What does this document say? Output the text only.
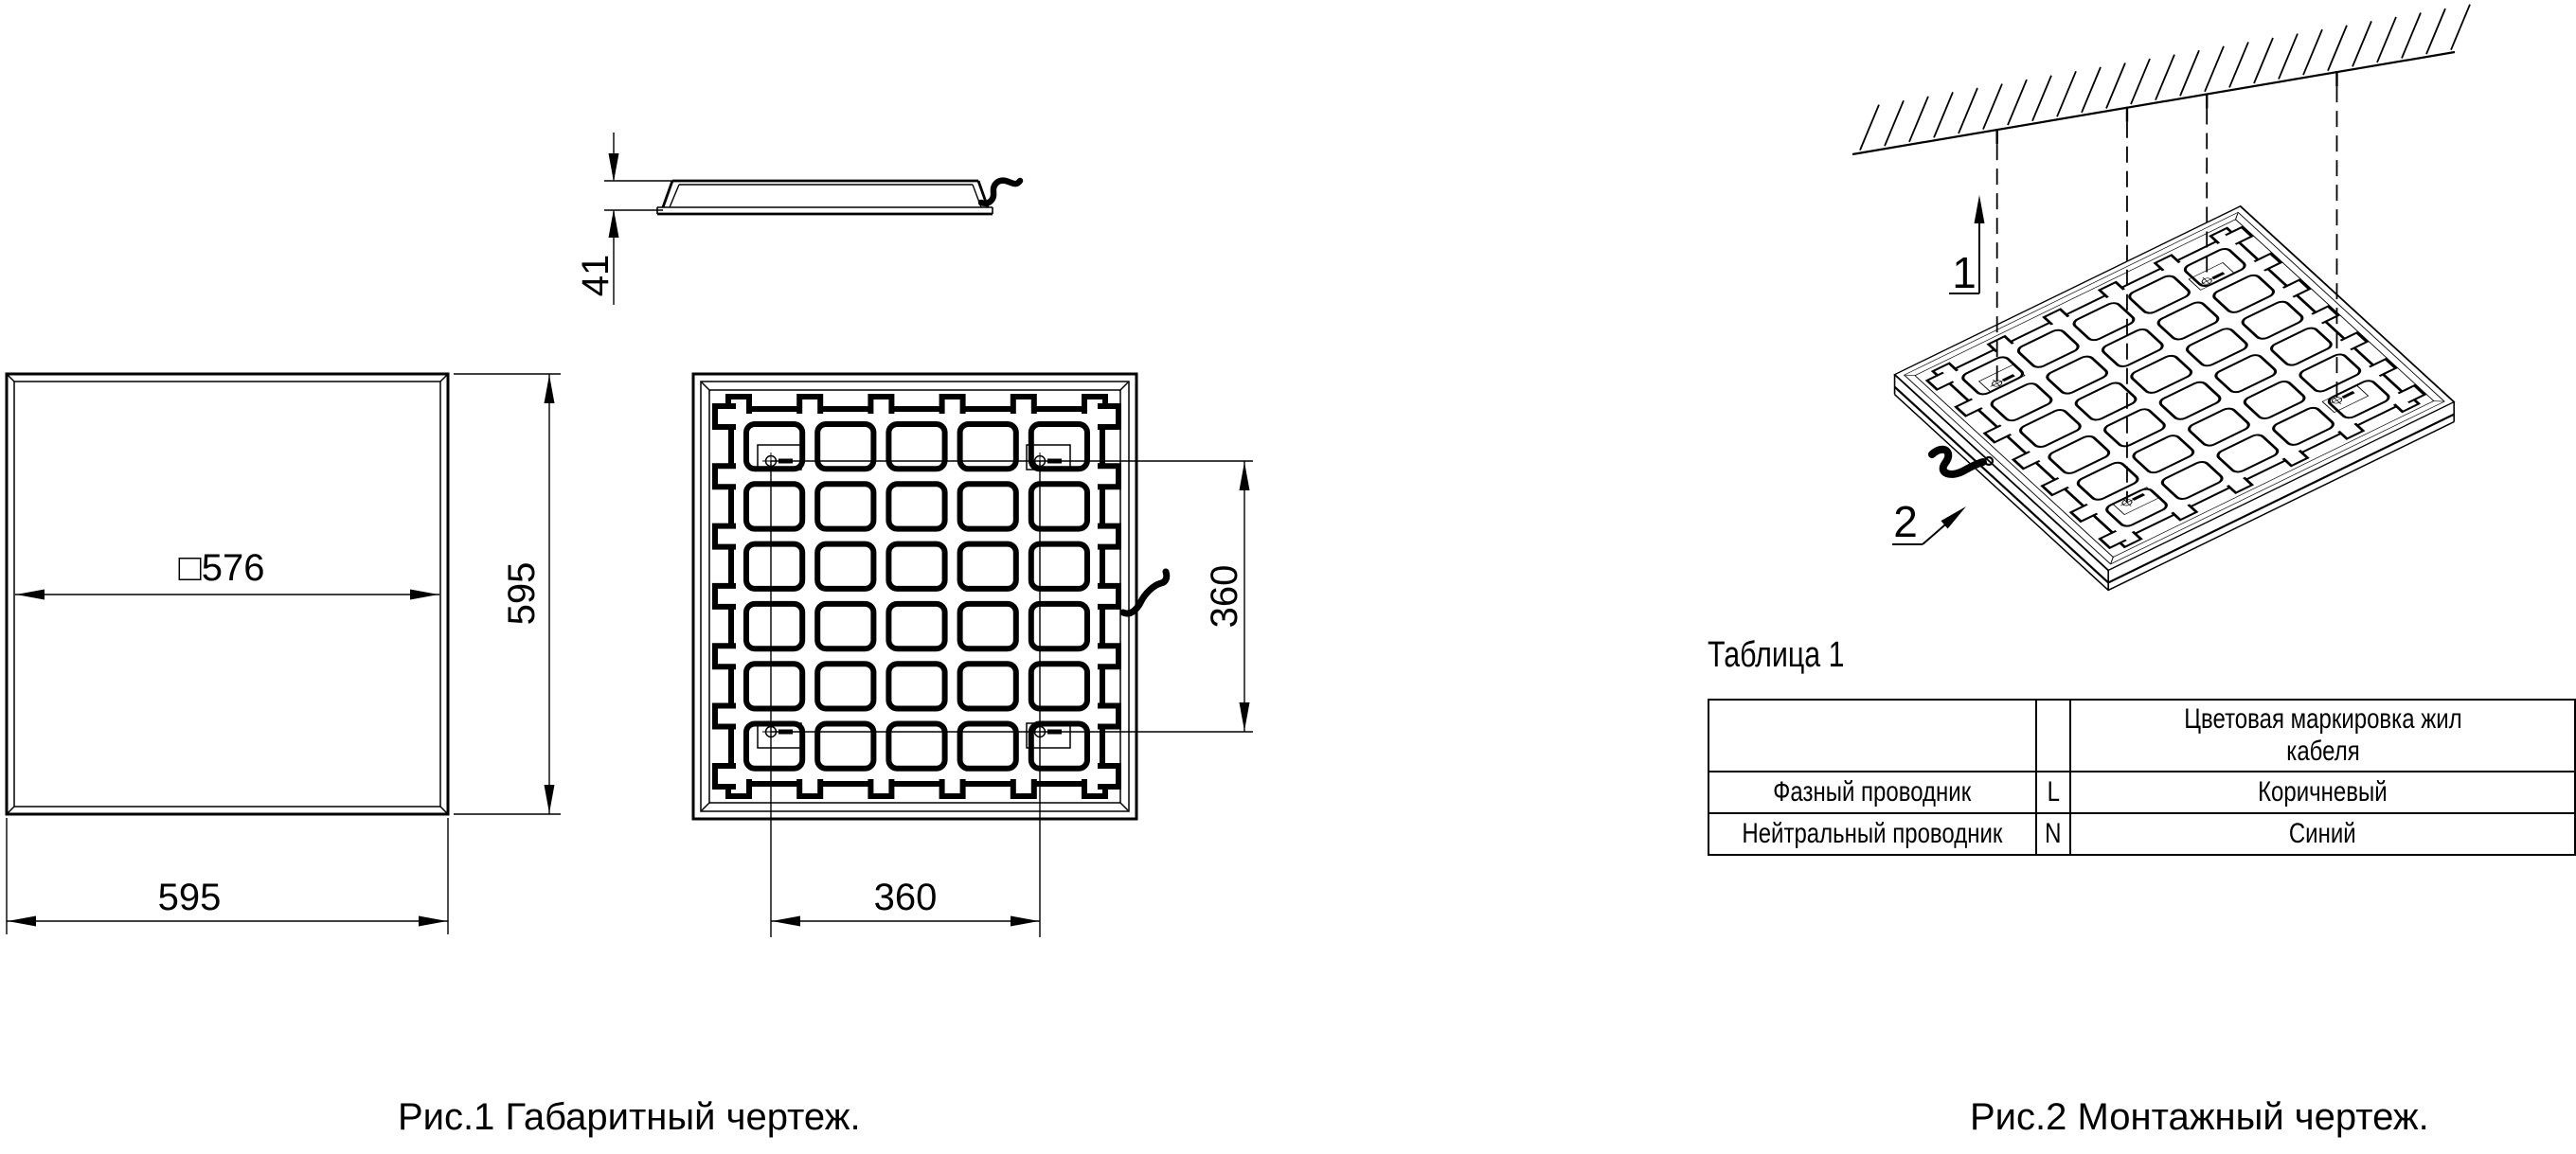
□576	595
595
41
360
360
1
2
Таблица 1
		Цветовая маркировка жил кабеля
Фазный проводник	L	Коричневый
Нейтральный проводник	N	Синий
Рис.1 Габаритный чертеж.	Рис.2 Монтажный чертеж.
